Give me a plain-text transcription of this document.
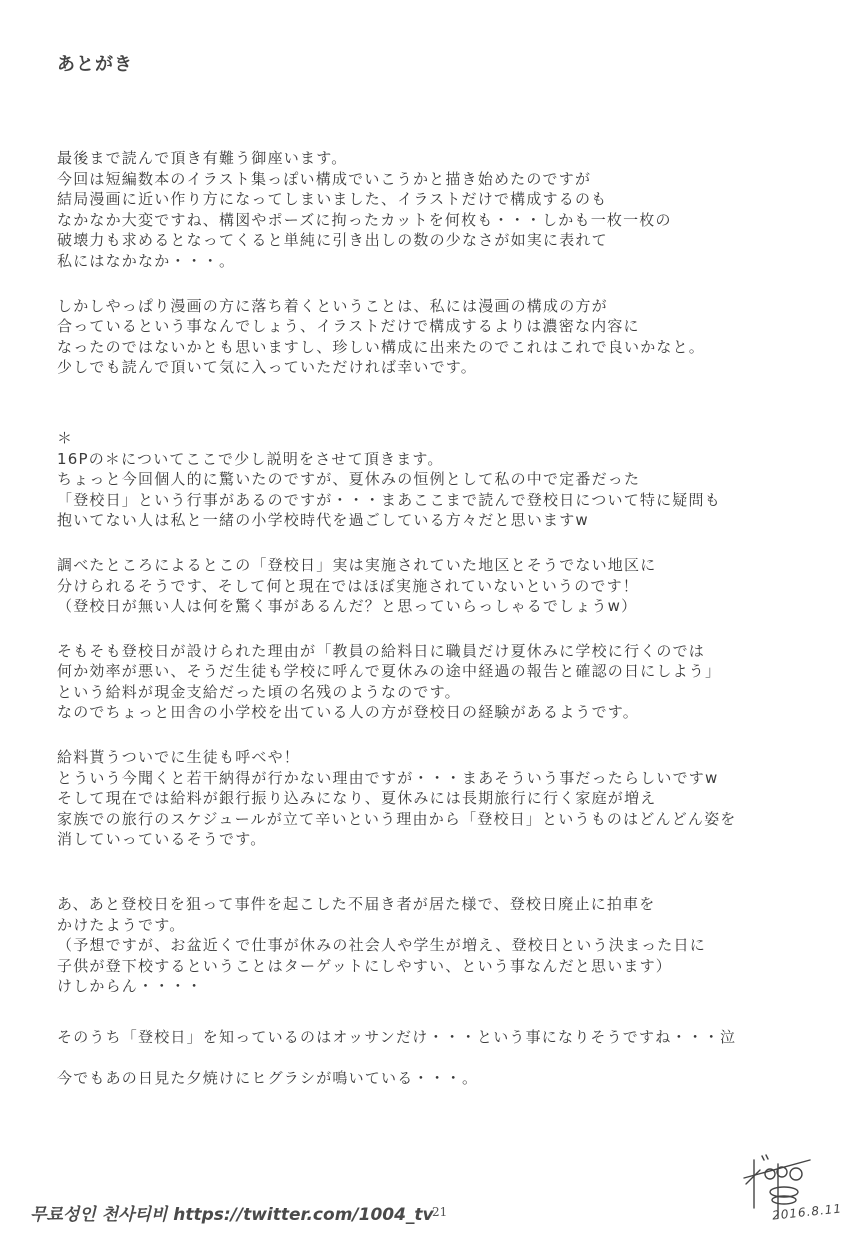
あとがき
最後まで読んで頂き有難う御座います。
今回は短編数本のイラスト集っぽい構成でいこうかと描き始めたのですが
結局漫画に近い作り方になってしまいました、イラストだけで構成するのも
なかなか大変ですね、構図やポーズに拘ったカットを何枚も・・・しかも一枚一枚の
破壊力も求めるとなってくると単純に引き出しの数の少なさが如実に表れて
私にはなかなか・・・。
しかしやっぱり漫画の方に落ち着くということは、私には漫画の構成の方が
合っているという事なんでしょう、イラストだけで構成するよりは濃密な内容に
なったのではないかとも思いますし、珍しい構成に出来たのでこれはこれで良いかなと。
少しでも読んで頂いて気に入っていただければ幸いです。
＊
16Pの＊についてここで少し説明をさせて頂きます。
ちょっと今回個人的に驚いたのですが、夏休みの恒例として私の中で定番だった
「登校日」という行事があるのですが・・・まあここまで読んで登校日について特に疑問も
抱いてない人は私と一緒の小学校時代を過ごしている方々だと思いますw
調べたところによるとこの「登校日」実は実施されていた地区とそうでない地区に
分けられるそうです、そして何と現在ではほぼ実施されていないというのです！
（登校日が無い人は何を驚く事があるんだ？と思っていらっしゃるでしょうw）
そもそも登校日が設けられた理由が「教員の給料日に職員だけ夏休みに学校に行くのでは
何か効率が悪い、そうだ生徒も学校に呼んで夏休みの途中経過の報告と確認の日にしよう」
という給料が現金支給だった頃の名残のようなのです。
なのでちょっと田舎の小学校を出ている人の方が登校日の経験があるようです。
給料貰うついでに生徒も呼べや！
とういう今聞くと若干納得が行かない理由ですが・・・まあそういう事だったらしいですw
そして現在では給料が銀行振り込みになり、夏休みには長期旅行に行く家庭が増え
家族での旅行のスケジュールが立て辛いという理由から「登校日」というものはどんどん姿を
消していっているそうです。
あ、あと登校日を狙って事件を起こした不届き者が居た様で、登校日廃止に拍車を
かけたようです。
（予想ですが、お盆近くで仕事が休みの社会人や学生が増え、登校日という決まった日に
子供が登下校するということはターゲットにしやすい、という事なんだと思います）
けしからん・・・・
そのうち「登校日」を知っているのはオッサンだけ・・・という事になりそうですね・・・泣
今でもあの日見た夕焼けにヒグラシが鳴いている・・・。
2016.8.11
21
무료성인 천사티비 https://twitter.com/1004_tv
